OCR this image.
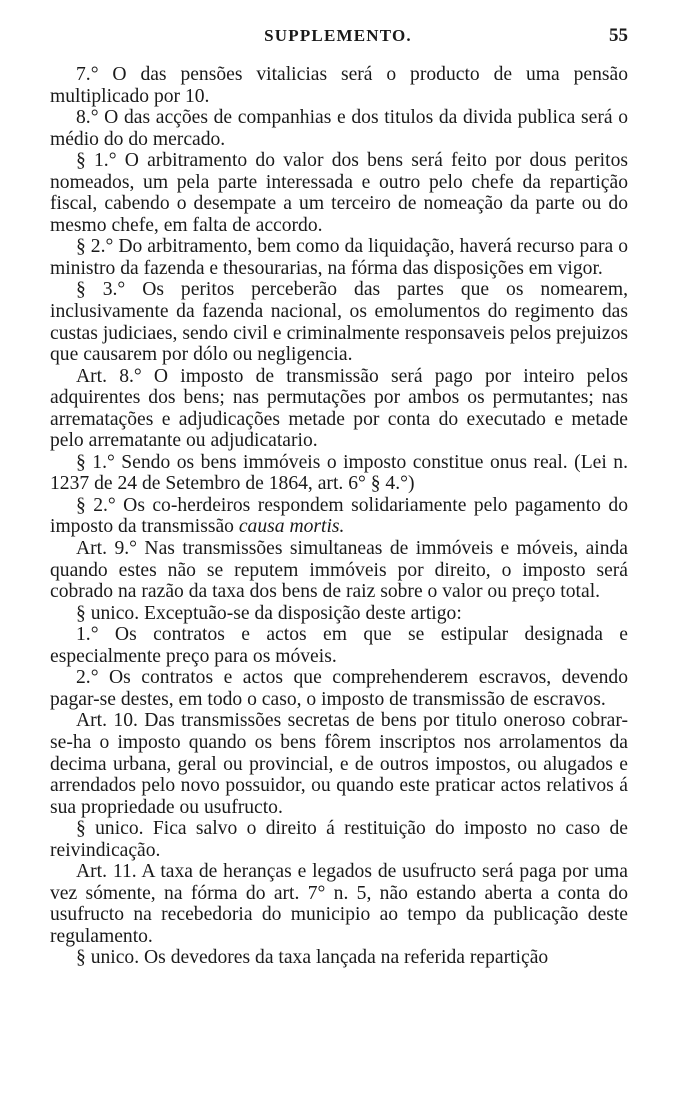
SUPPLEMENTO.	55

7.° O das pensões vitalicias será o producto de uma pensão multiplicado por 10.

8.° O das acções de companhias e dos titulos da divida publica será o médio do do mercado.

§ 1.° O arbitramento do valor dos bens será feito por dous peritos nomeados, um pela parte interessada e outro pelo chefe da repartição fiscal, cabendo o desempate a um terceiro de nomeação da parte ou do mesmo chefe, em falta de accordo.

§ 2.° Do arbitramento, bem como da liquidação, haverá recurso para o ministro da fazenda e thesourarias, na fórma das disposições em vigor.

§ 3.° Os peritos perceberão das partes que os nomearem, inclusivamente da fazenda nacional, os emolumentos do regimento das custas judiciaes, sendo civil e criminalmente responsaveis pelos prejuizos que causarem por dólo ou negligencia.

Art. 8.° O imposto de transmissão será pago por inteiro pelos adquirentes dos bens; nas permutações por ambos os permutantes; nas arrematações e adjudicações metade por conta do executado e metade pelo arrematante ou adjudicatario.

§ 1.° Sendo os bens immóveis o imposto constitue onus real. (Lei n. 1237 de 24 de Setembro de 1864, art. 6° § 4.°)

§ 2.° Os co-herdeiros respondem solidariamente pelo pagamento do imposto da transmissão causa mortis.

Art. 9.° Nas transmissões simultaneas de immóveis e móveis, ainda quando estes não se reputem immóveis por direito, o imposto será cobrado na razão da taxa dos bens de raiz sobre o valor ou preço total.

§ unico. Exceptuão-se da disposição deste artigo:

1.° Os contratos e actos em que se estipular designada e especialmente preço para os móveis.

2.° Os contratos e actos que comprehenderem escravos, devendo pagar-se destes, em todo o caso, o imposto de transmissão de escravos.

Art. 10. Das transmissões secretas de bens por titulo oneroso cobrar-se-ha o imposto quando os bens fôrem inscriptos nos arrolamentos da decima urbana, geral ou provincial, e de outros impostos, ou alugados e arrendados pelo novo possuidor, ou quando este praticar actos relativos á sua propriedade ou usufructo.

§ unico. Fica salvo o direito á restituição do imposto no caso de reivindicação.

Art. 11. A taxa de heranças e legados de usufructo será paga por uma vez sómente, na fórma do art. 7° n. 5, não estando aberta a conta do usufructo na recebedoria do municipio ao tempo da publicação deste regulamento.

§ unico. Os devedores da taxa lançada na referida repartição
